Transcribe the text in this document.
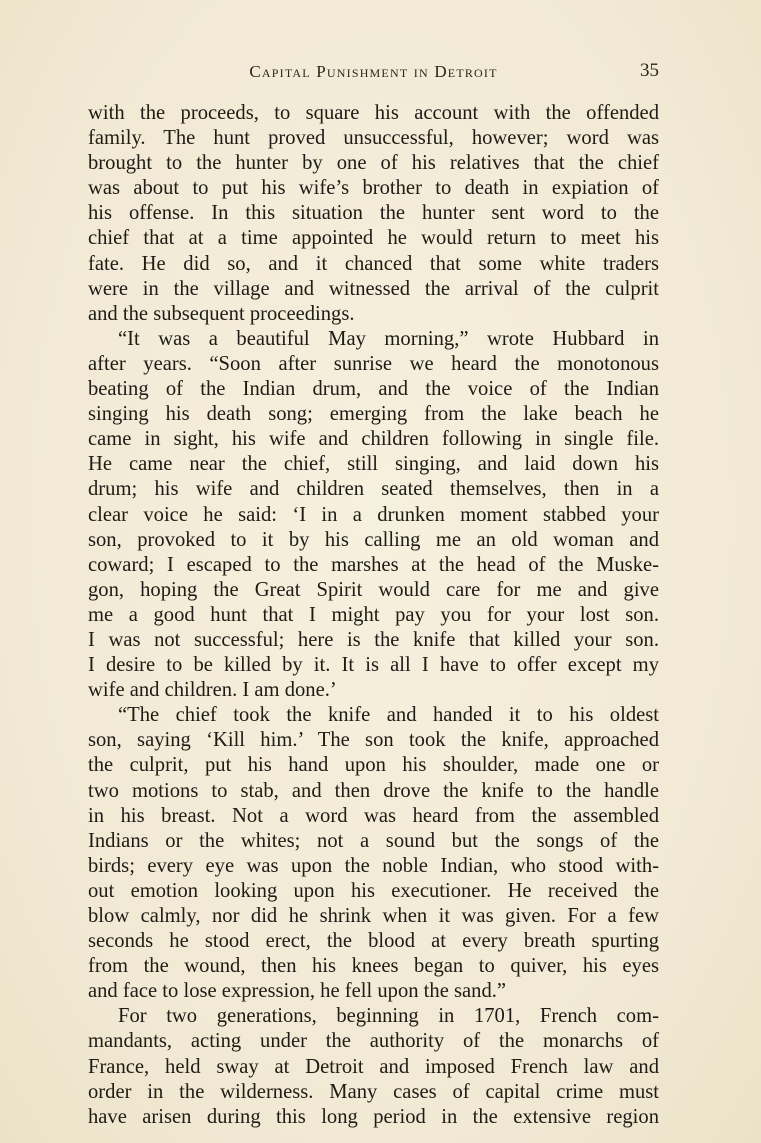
Capital Punishment in Detroit	35
with the proceeds, to square his account with the offended
family. The hunt proved unsuccessful, however; word was
brought to the hunter by one of his relatives that the chief
was about to put his wife’s brother to death in expiation of
his offense. In this situation the hunter sent word to the
chief that at a time appointed he would return to meet his
fate. He did so, and it chanced that some white traders
were in the village and witnessed the arrival of the culprit
and the subsequent proceedings.
“It was a beautiful May morning,” wrote Hubbard in
after years. “Soon after sunrise we heard the monotonous
beating of the Indian drum, and the voice of the Indian
singing his death song; emerging from the lake beach he
came in sight, his wife and children following in single file.
He came near the chief, still singing, and laid down his
drum; his wife and children seated themselves, then in a
clear voice he said: ‘I in a drunken moment stabbed your
son, provoked to it by his calling me an old woman and
coward; I escaped to the marshes at the head of the Muske-
gon, hoping the Great Spirit would care for me and give
me a good hunt that I might pay you for your lost son.
I was not successful; here is the knife that killed your son.
I desire to be killed by it. It is all I have to offer except my
wife and children. I am done.’
“The chief took the knife and handed it to his oldest
son, saying ‘Kill him.’ The son took the knife, approached
the culprit, put his hand upon his shoulder, made one or
two motions to stab, and then drove the knife to the handle
in his breast. Not a word was heard from the assembled
Indians or the whites; not a sound but the songs of the
birds; every eye was upon the noble Indian, who stood with-
out emotion looking upon his executioner. He received the
blow calmly, nor did he shrink when it was given. For a few
seconds he stood erect, the blood at every breath spurting
from the wound, then his knees began to quiver, his eyes
and face to lose expression, he fell upon the sand.”
For two generations, beginning in 1701, French com-
mandants, acting under the authority of the monarchs of
France, held sway at Detroit and imposed French law and
order in the wilderness. Many cases of capital crime must
have arisen during this long period in the extensive region
